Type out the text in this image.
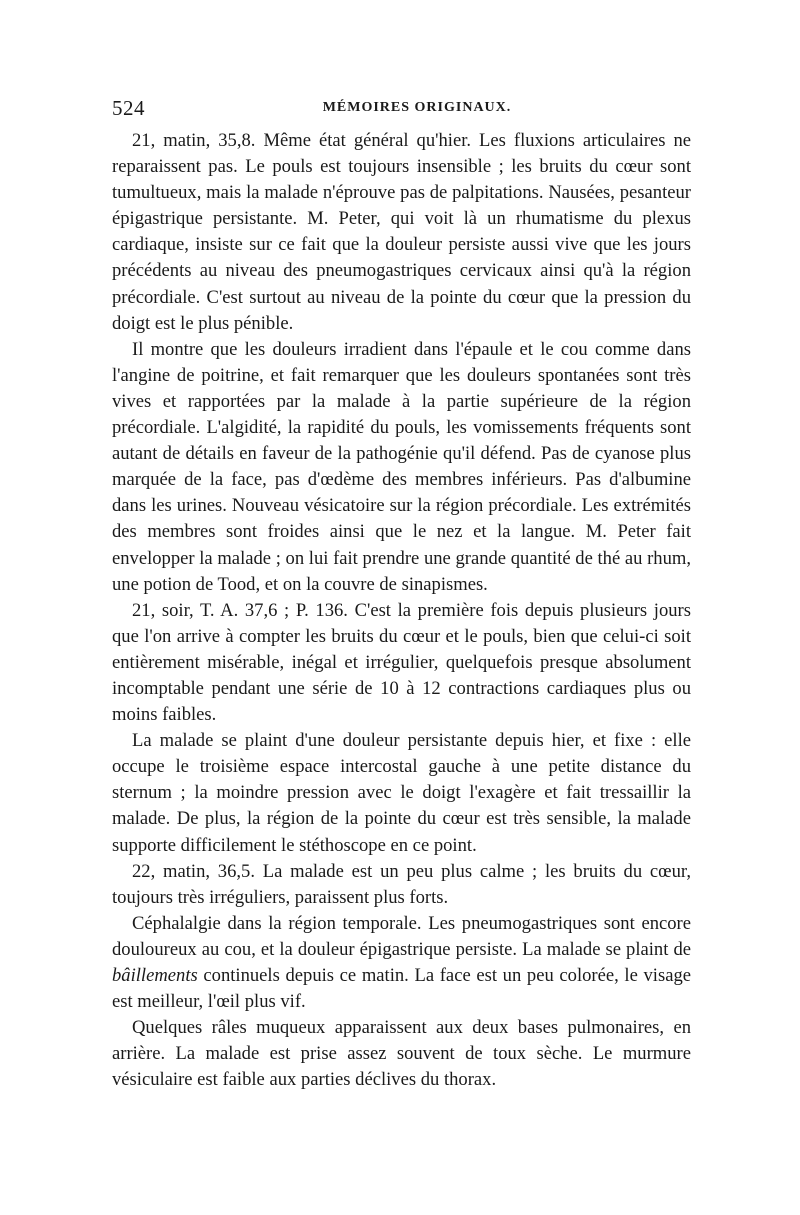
524	MÉMOIRES ORIGINAUX.

21, matin, 35,8. Même état général qu'hier. Les fluxions articulaires ne reparaissent pas. Le pouls est toujours insensible ; les bruits du cœur sont tumultueux, mais la malade n'éprouve pas de palpitations. Nausées, pesanteur épigastrique persistante. M. Peter, qui voit là un rhumatisme du plexus cardiaque, insiste sur ce fait que la douleur persiste aussi vive que les jours précédents au niveau des pneumogastriques cervicaux ainsi qu'à la région précordiale. C'est surtout au niveau de la pointe du cœur que la pression du doigt est le plus pénible.

Il montre que les douleurs irradient dans l'épaule et le cou comme dans l'angine de poitrine, et fait remarquer que les douleurs spontanées sont très vives et rapportées par la malade à la partie supérieure de la région précordiale. L'algidité, la rapidité du pouls, les vomissements fréquents sont autant de détails en faveur de la pathogénie qu'il défend. Pas de cyanose plus marquée de la face, pas d'œdème des membres inférieurs. Pas d'albumine dans les urines. Nouveau vésicatoire sur la région précordiale. Les extrémités des membres sont froides ainsi que le nez et la langue. M. Peter fait envelopper la malade ; on lui fait prendre une grande quantité de thé au rhum, une potion de Tood, et on la couvre de sinapismes.

21, soir, T. A. 37,6 ; P. 136. C'est la première fois depuis plusieurs jours que l'on arrive à compter les bruits du cœur et le pouls, bien que celui-ci soit entièrement misérable, inégal et irrégulier, quelquefois presque absolument incomptable pendant une série de 10 à 12 contractions cardiaques plus ou moins faibles.

La malade se plaint d'une douleur persistante depuis hier, et fixe : elle occupe le troisième espace intercostal gauche à une petite distance du sternum ; la moindre pression avec le doigt l'exagère et fait tressaillir la malade. De plus, la région de la pointe du cœur est très sensible, la malade supporte difficilement le stéthoscope en ce point.

22, matin, 36,5. La malade est un peu plus calme ; les bruits du cœur, toujours très irréguliers, paraissent plus forts.

Céphalalgie dans la région temporale. Les pneumogastriques sont encore douloureux au cou, et la douleur épigastrique persiste. La malade se plaint de bâillements continuels depuis ce matin. La face est un peu colorée, le visage est meilleur, l'œil plus vif.

Quelques râles muqueux apparaissent aux deux bases pulmonaires, en arrière. La malade est prise assez souvent de toux sèche. Le murmure vésiculaire est faible aux parties déclives du thorax.
